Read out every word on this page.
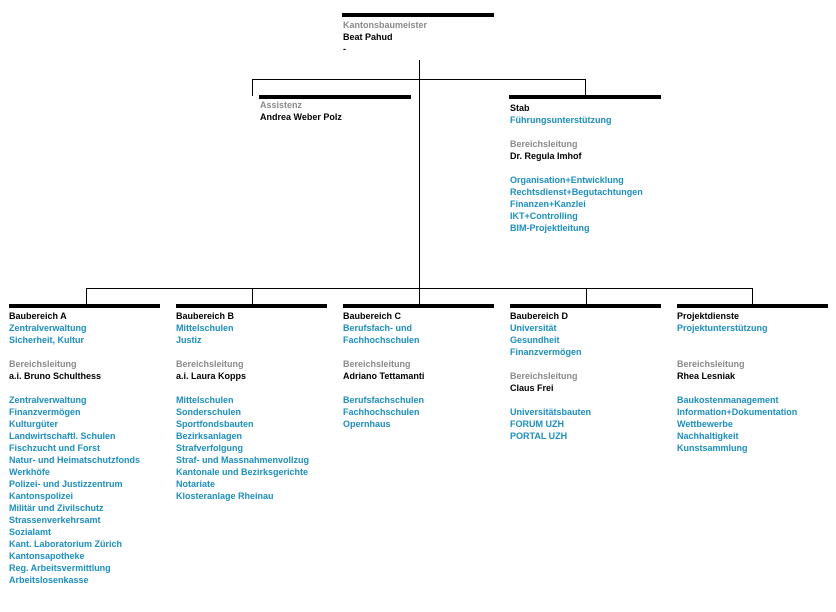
Kantonsbaumeister
Beat Pahud
-
Assistenz
Andrea Weber Polz
Stab
Führungsunterstützung
Bereichsleitung
Dr. Regula Imhof
Organisation+Entwicklung
Rechtsdienst+Begutachtungen
Finanzen+Kanzlei
IKT+Controlling
BIM-Projektleitung
Baubereich A
Zentralverwaltung
Sicherheit, Kultur
Bereichsleitung
a.i. Bruno Schulthess
Zentralverwaltung
Finanzvermögen
Kulturgüter
Landwirtschaftl. Schulen
Fischzucht und Forst
Natur- und Heimatschutzfonds
Werkhöfe
Polizei- und Justizzentrum
Kantonspolizei
Militär und Zivilschutz
Strassenverkehrsamt
Sozialamt
Kant. Laboratorium Zürich
Kantonsapotheke
Reg. Arbeitsvermittlung
Arbeitslosenkasse
Baubereich B
Mittelschulen
Justiz
Bereichsleitung
a.i. Laura Kopps
Mittelschulen
Sonderschulen
Sportfondsbauten
Bezirksanlagen
Strafverfolgung
Straf- und Massnahmenvollzug
Kantonale und Bezirksgerichte
Notariate
Klosteranlage Rheinau
Baubereich C
Berufsfach- und
Fachhochschulen
Bereichsleitung
Adriano Tettamanti
Berufsfachschulen
Fachhochschulen
Opernhaus
Baubereich D
Universität
Gesundheit
Finanzvermögen
Bereichsleitung
Claus Frei
Universitätsbauten
FORUM UZH
PORTAL UZH
Projektdienste
Projektunterstützung
Bereichsleitung
Rhea Lesniak
Baukostenmanagement
Information+Dokumentation
Wettbewerbe
Nachhaltigkeit
Kunstsammlung
